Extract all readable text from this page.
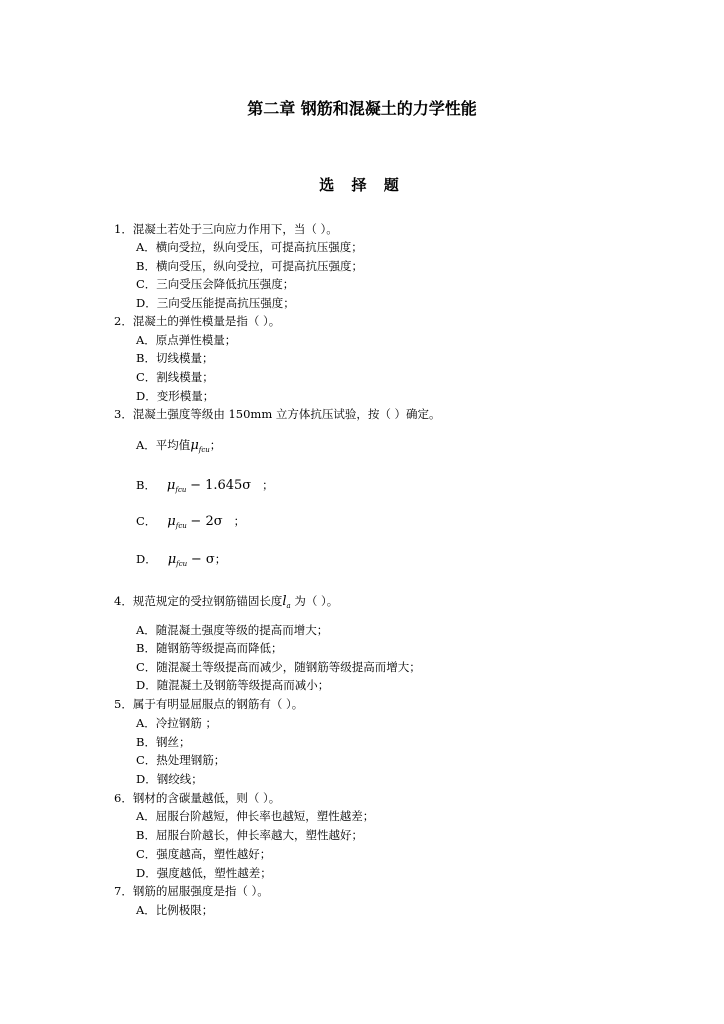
第二章 钢筋和混凝土的力学性能
选 择 题
1．混凝土若处于三向应力作用下，当（ ）。
A．横向受拉，纵向受压，可提高抗压强度；
B．横向受压，纵向受拉，可提高抗压强度；
C．三向受压会降低抗压强度；
D．三向受压能提高抗压强度；
2．混凝土的弹性模量是指（ ）。
A．原点弹性模量；
B．切线模量；
C．割线模量；
D．变形模量；
3．混凝土强度等级由 150mm 立方体抗压试验，按（ ）确定。
A．平均值$\mu_{fcu}$；
B． $\mu_{fcu} - 1.645\sigma$ ；
C． $\mu_{fcu} - 2\sigma$ ；
D． $\mu_{fcu} - \sigma$；
4．规范规定的受拉钢筋锚固长度$l_a$ 为（ ）。
A．随混凝土强度等级的提高而增大；
B．随钢筋等级提高而降低；
C．随混凝土等级提高而减少，随钢筋等级提高而增大；
D．随混凝土及钢筋等级提高而减小；
5．属于有明显屈服点的钢筋有（ ）。
A．冷拉钢筋 ；
B．钢丝；
C．热处理钢筋；
D．钢绞线；
6．钢材的含碳量越低，则（ ）。
A．屈服台阶越短，伸长率也越短，塑性越差；
B．屈服台阶越长，伸长率越大，塑性越好；
C．强度越高，塑性越好；
D．强度越低，塑性越差；
7．钢筋的屈服强度是指（ ）。
A．比例极限；
